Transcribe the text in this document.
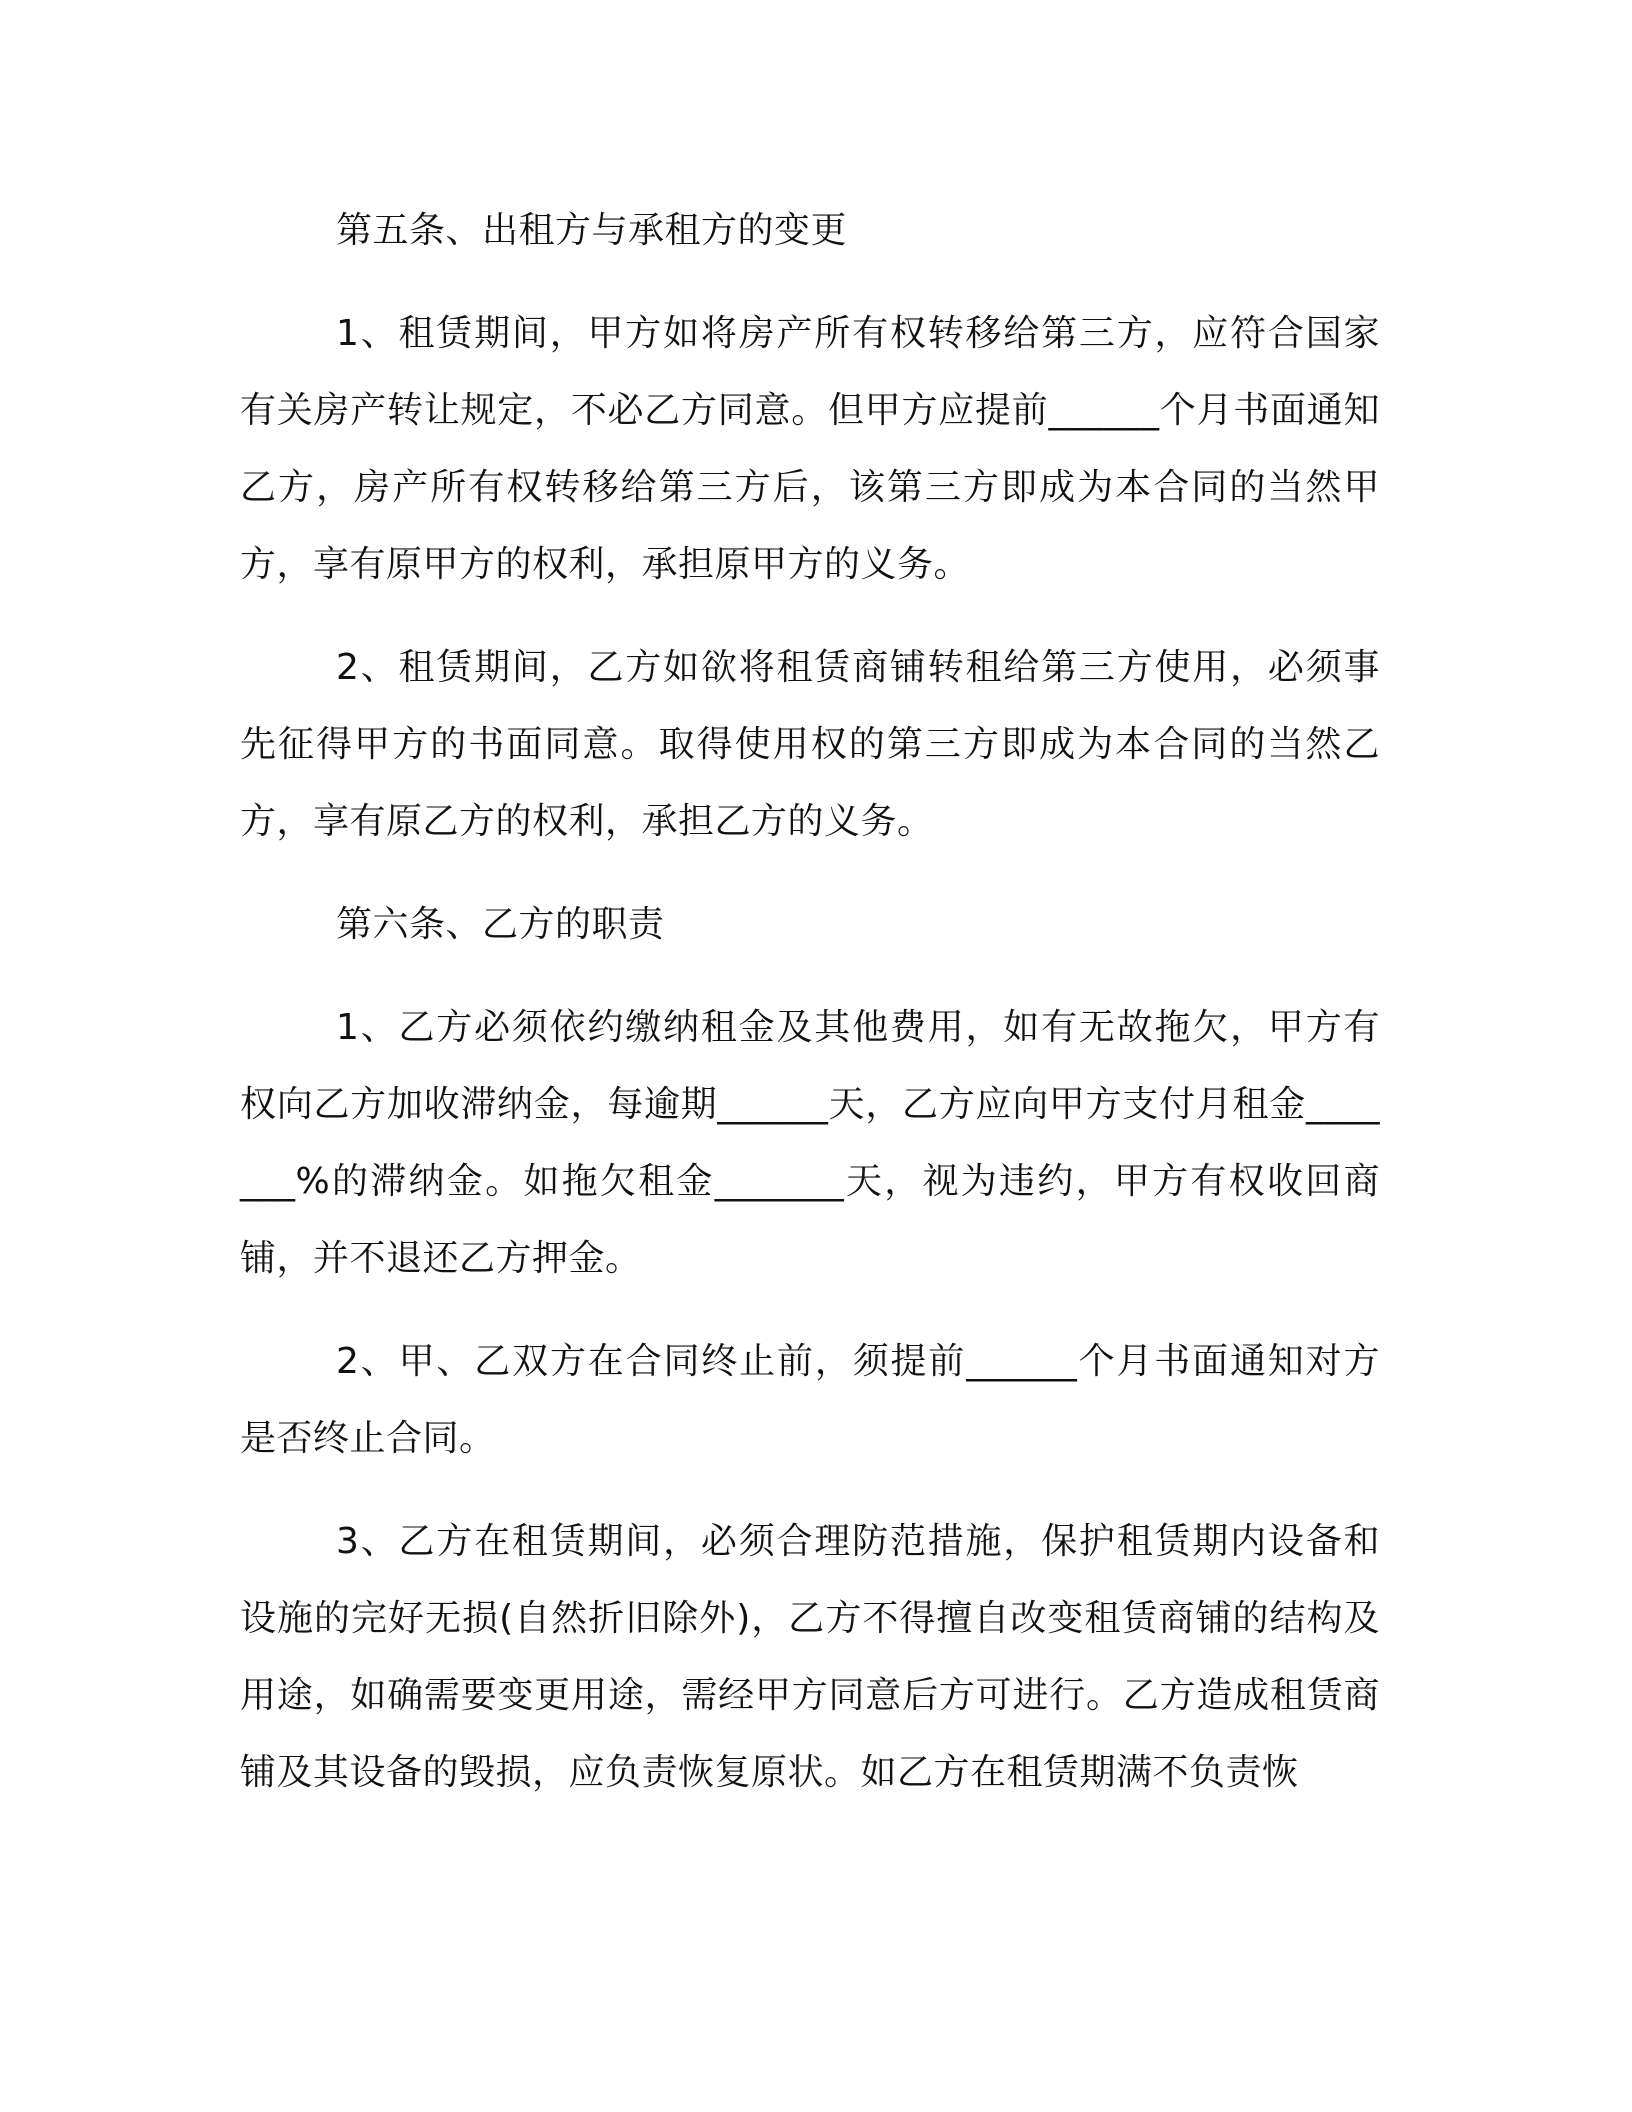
第五条、出租方与承租方的变更

1、租赁期间，甲方如将房产所有权转移给第三方，应符合国家有关房产转让规定，不必乙方同意。但甲方应提前______个月书面通知乙方，房产所有权转移给第三方后，该第三方即成为本合同的当然甲方，享有原甲方的权利，承担原甲方的义务。

2、租赁期间，乙方如欲将租赁商铺转租给第三方使用，必须事先征得甲方的书面同意。取得使用权的第三方即成为本合同的当然乙方，享有原乙方的权利，承担乙方的义务。

第六条、乙方的职责

1、乙方必须依约缴纳租金及其他费用，如有无故拖欠，甲方有权向乙方加收滞纳金，每逾期______天，乙方应向甲方支付月租金_______%的滞纳金。如拖欠租金_______天，视为违约，甲方有权收回商铺，并不退还乙方押金。

2、甲、乙双方在合同终止前，须提前______个月书面通知对方是否终止合同。

3、乙方在租赁期间，必须合理防范措施，保护租赁期内设备和设施的完好无损(自然折旧除外)，乙方不得擅自改变租赁商铺的结构及用途，如确需要变更用途，需经甲方同意后方可进行。乙方造成租赁商铺及其设备的毁损，应负责恢复原状。如乙方在租赁期满不负责恢
